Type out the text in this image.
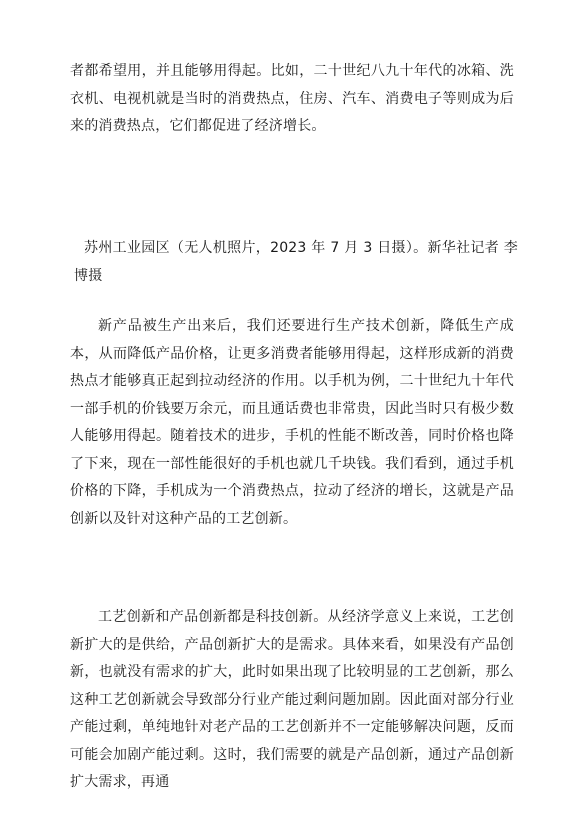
者都希望用，并且能够用得起。比如，二十世纪八九十年代的冰箱、洗衣机、电视机就是当时的消费热点，住房、汽车、消费电子等则成为后来的消费热点，它们都促进了经济增长。

苏州工业园区（无人机照片，2023 年 7 月 3 日摄）。新华社记者 李博摄

新产品被生产出来后，我们还要进行生产技术创新，降低生产成本，从而降低产品价格，让更多消费者能够用得起，这样形成新的消费热点才能够真正起到拉动经济的作用。以手机为例，二十世纪九十年代一部手机的价钱要万余元，而且通话费也非常贵，因此当时只有极少数人能够用得起。随着技术的进步，手机的性能不断改善，同时价格也降了下来，现在一部性能很好的手机也就几千块钱。我们看到，通过手机价格的下降，手机成为一个消费热点，拉动了经济的增长，这就是产品创新以及针对这种产品的工艺创新。

工艺创新和产品创新都是科技创新。从经济学意义上来说，工艺创新扩大的是供给，产品创新扩大的是需求。具体来看，如果没有产品创新，也就没有需求的扩大，此时如果出现了比较明显的工艺创新，那么这种工艺创新就会导致部分行业产能过剩问题加剧。因此面对部分行业产能过剩，单纯地针对老产品的工艺创新并不一定能够解决问题，反而可能会加剧产能过剩。这时，我们需要的就是产品创新，通过产品创新扩大需求，再通
